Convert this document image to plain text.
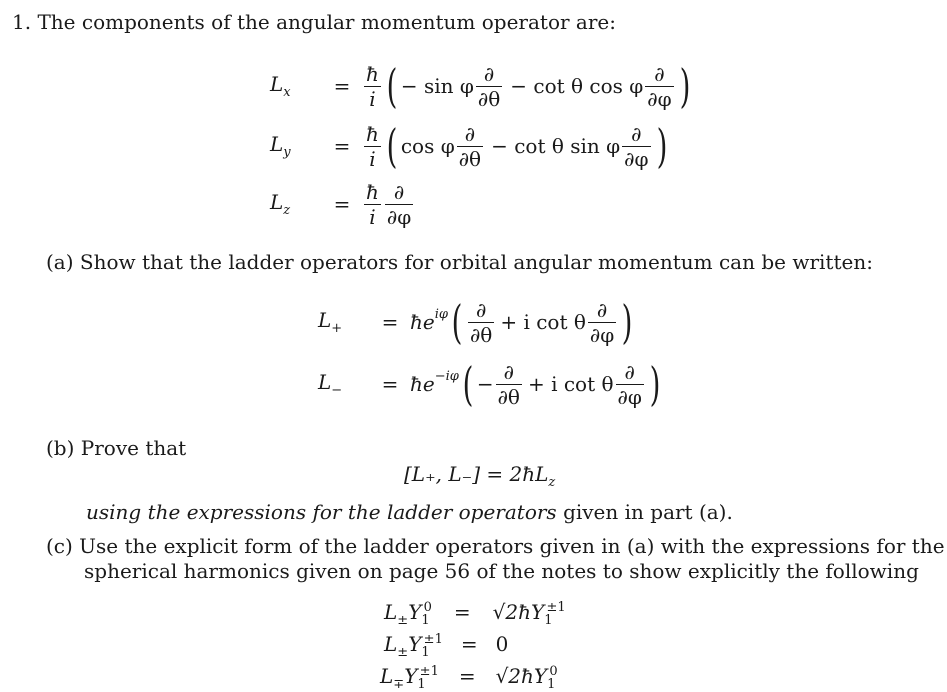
1. The components of the angular momentum operator are:
$L_x$	= $\frac{ħ}{i}$ ( − sin φ $\frac{\partial}{\partial\theta} - \cot \theta$ cos φ $\frac{\partial}{\partial\varphi}$ )
$L_y$	= $\frac{ħ}{i}$ ( cos φ $\frac{\partial}{\partial\theta} - \cot \theta$ sin φ $\frac{\partial}{\partial\varphi}$ )
$L_z$	= $\frac{ħ}{i} \frac{\partial}{\partial\varphi}$
(a) Show that the ladder operators for orbital angular momentum can be written:
$L_+$	= $ħe^{i\varphi}$ ( $\frac{\partial}{\partial\theta} + i$ cot θ $\frac{\partial}{\partial\varphi}$ )
$L_-$	= $ħe^{-i\varphi}$ ( − $\frac{\partial}{\partial\theta} + i$ cot θ $\frac{\partial}{\partial\varphi}$ )
(b) Prove that
[L₊, $L_-] = 2ħL_z$
using the expressions for the ladder operators given in part (a).
(c) Use the explicit form of the ladder operators given in (a) with the expressions for the
spherical harmonics given on page 56 of the notes to show explicitly the following
$L_\pm Y_1^0$ = $√2ħY_1^{\pm 1}$
$L_\pm Y_1^{\pm 1} = 0$
$L_\mp Y_1^{\pm 1}$ = $√2ħY_1^0$
